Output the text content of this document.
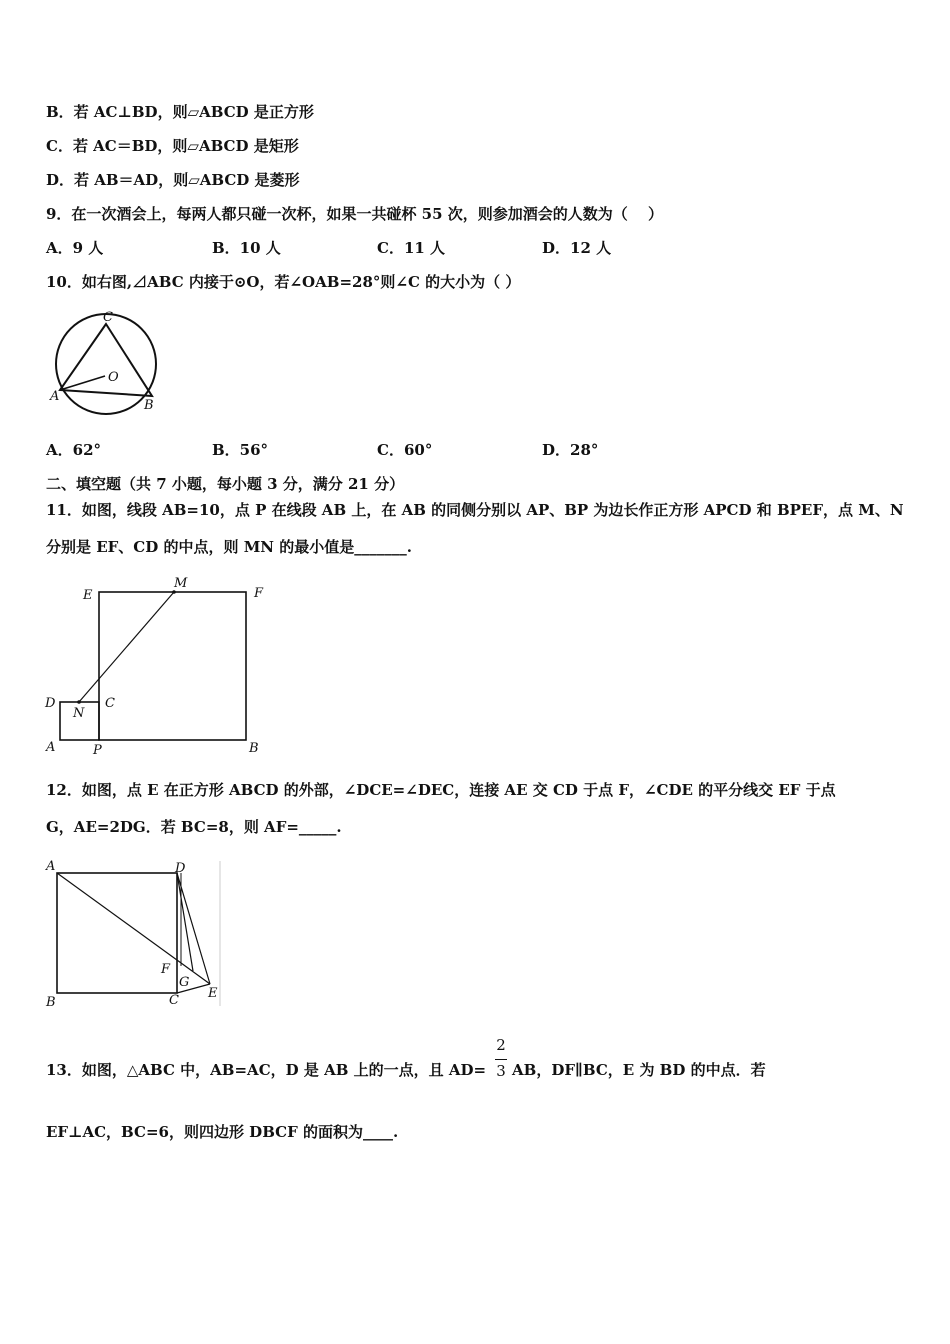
B．若 AC⊥BD，则▱ABCD 是正方形
C．若 AC＝BD，则▱ABCD 是矩形
D．若 AB＝AD，则▱ABCD 是菱形
9．在一次酒会上，每两人都只碰一次杯，如果一共碰杯 55 次，则参加酒会的人数为（　 ）
A．9 人	B．10 人	C．11 人	D．12 人
10．如右图,⊿ABC 内接于⊙O，若∠OAB=28°则∠C 的大小为（ ）
C
O
A
B
A．62°	B．56°	C．60°	D．28°
二、填空题（共 7 小题，每小题 3 分，满分 21 分）
11．如图，线段 AB=10，点 P 在线段 AB 上，在 AB 的同侧分别以 AP、BP 为边长作正方形 APCD 和 BPEF，点 M、N
分别是 EF、CD 的中点，则 MN 的最小值是_______.
M
E	F
D
N
C
A	P	B
12．如图，点 E 在正方形 ABCD 的外部，∠DCE=∠DEC，连接 AE 交 CD 于点 F，∠CDE 的平分线交 EF 于点
G，AE=2DG．若 BC=8，则 AF=_____.
A	D
F
G
E
B	C
13．如图，△ABC 中，AB=AC，D 是 AB 上的一点，且 AD=
2
3 AB，DF∥BC，E 为 BD 的中点．若
EF⊥AC，BC=6，则四边形 DBCF 的面积为____.
